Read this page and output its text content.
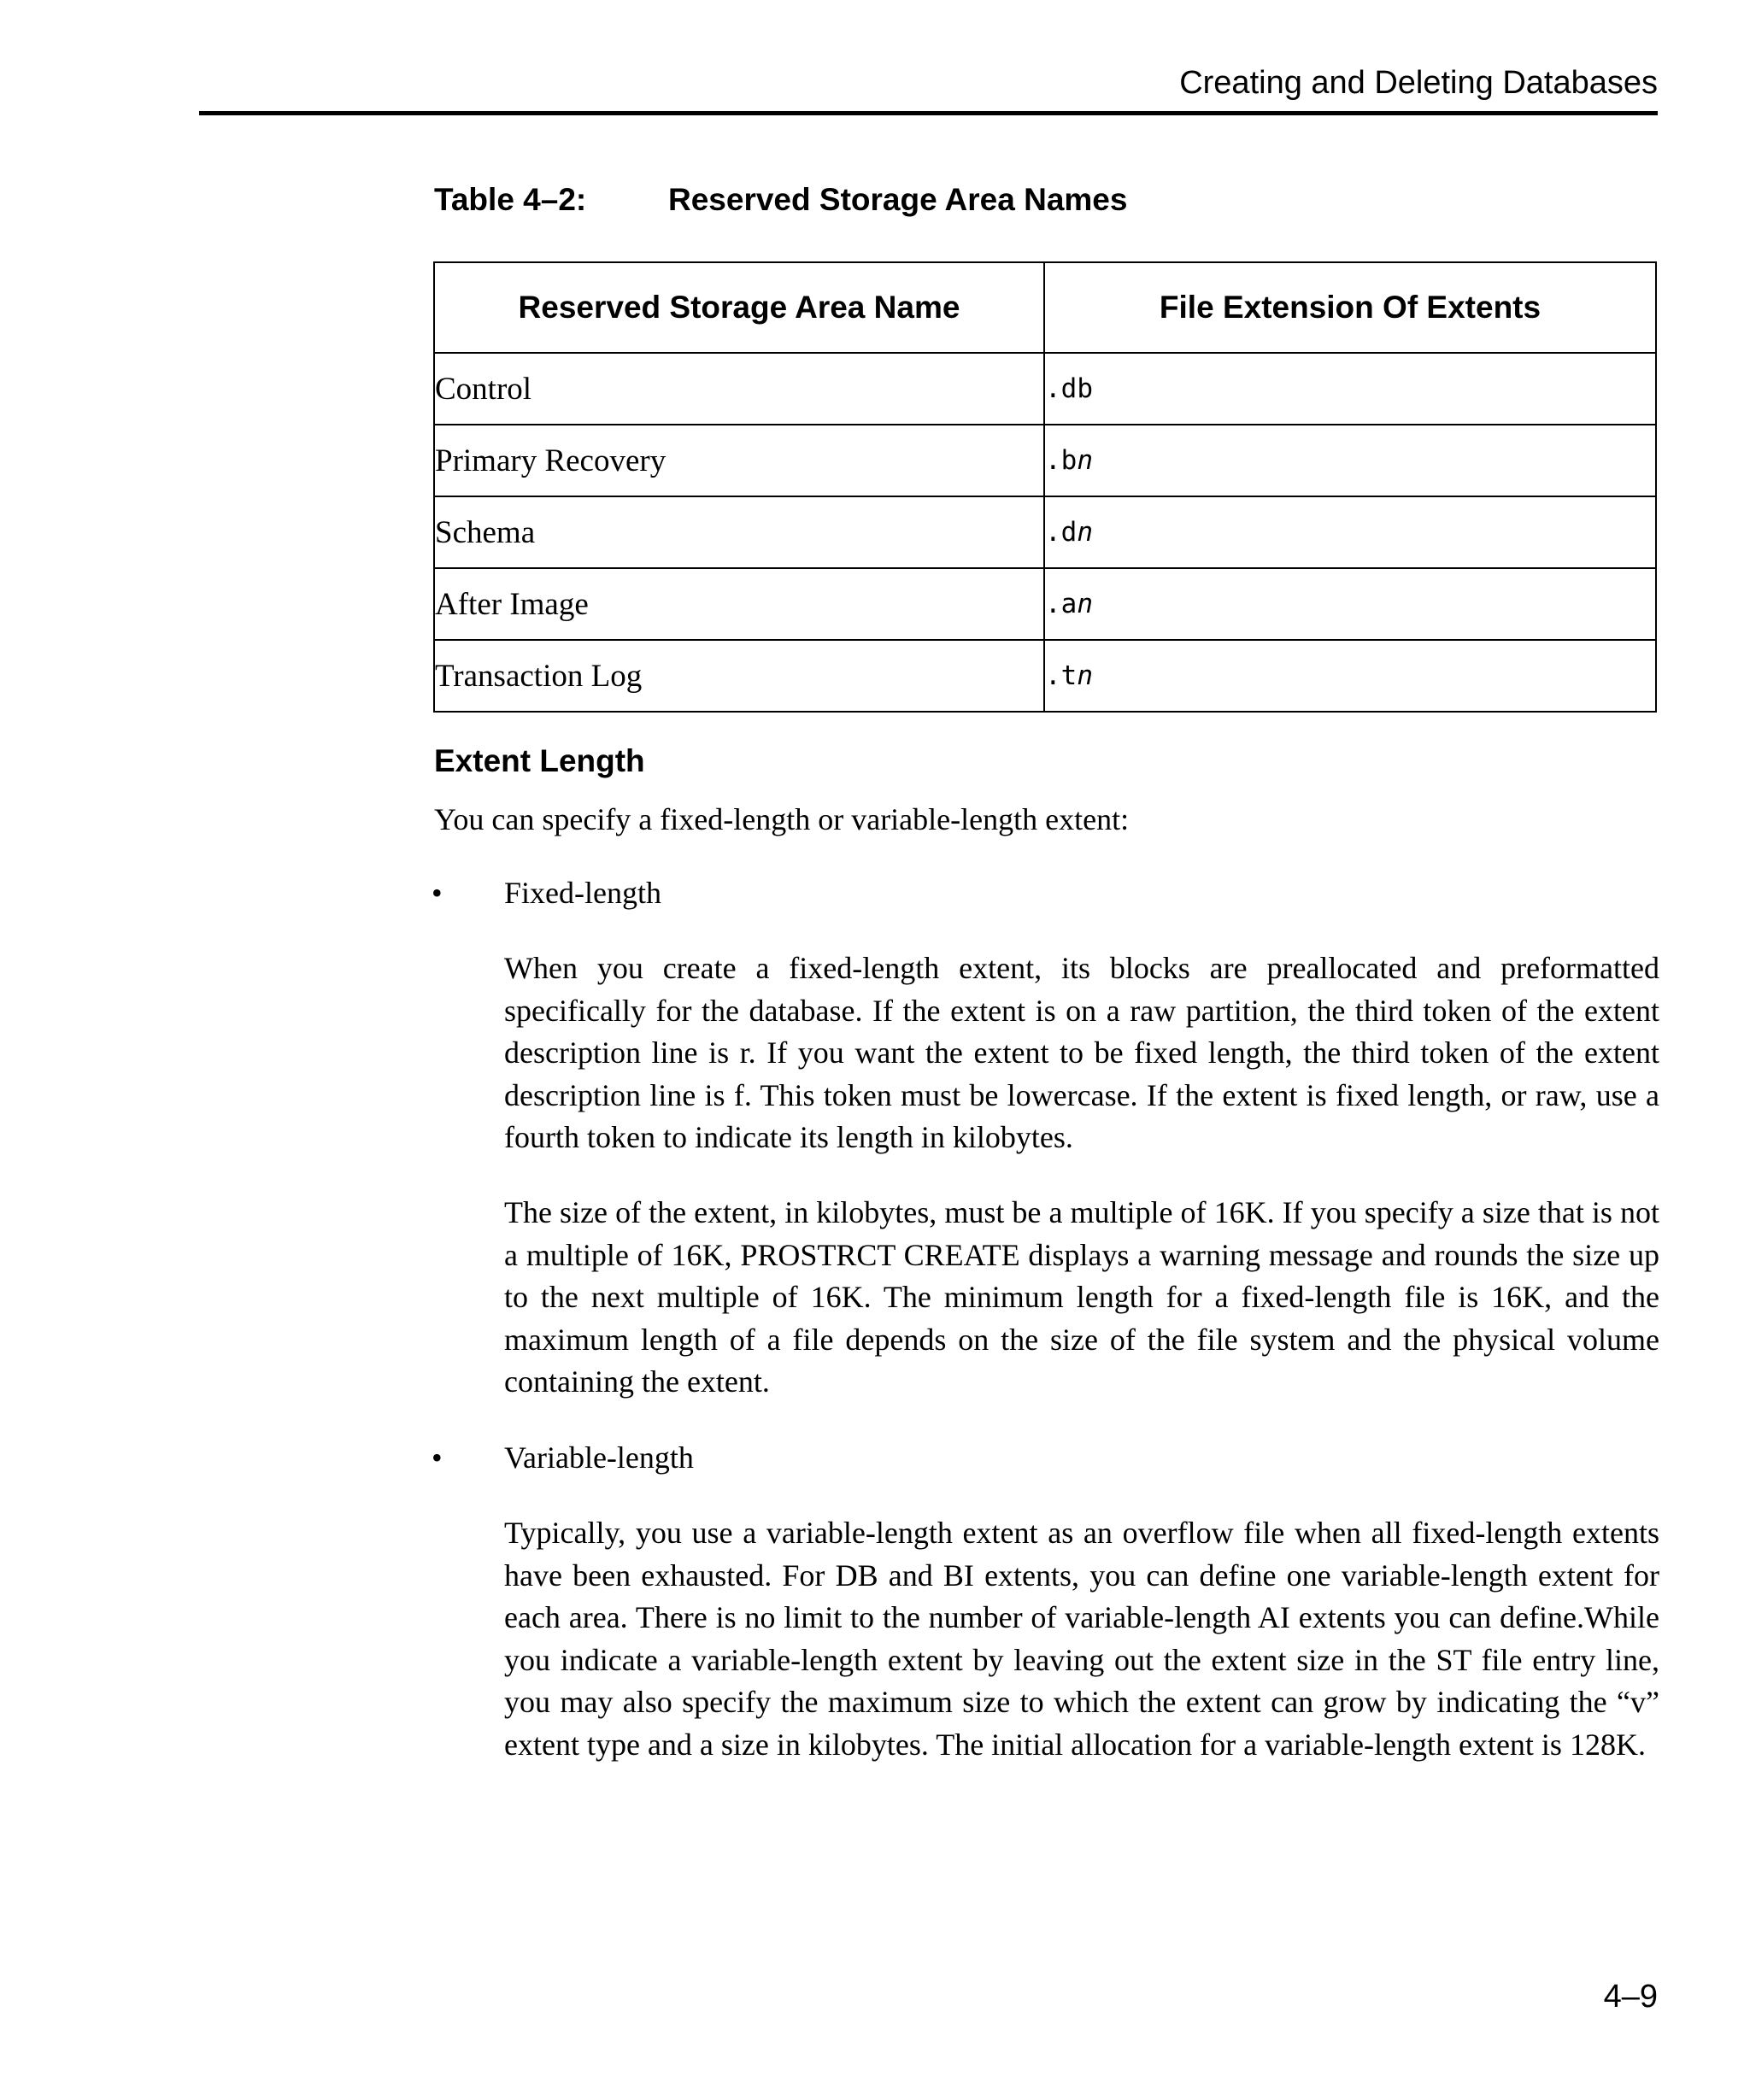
Creating and Deleting Databases
Table 4–2:	Reserved Storage Area Names
Reserved Storage Area Name	File Extension Of Extents
Control	.db
Primary Recovery	.bn
Schema	.dn
After Image	.an
Transaction Log	.tn
Extent Length
You can specify a fixed-length or variable-length extent:
• Fixed-length
When you create a fixed-length extent, its blocks are preallocated and preformatted specifically for the database. If the extent is on a raw partition, the third token of the extent description line is r. If you want the extent to be fixed length, the third token of the extent description line is f. This token must be lowercase. If the extent is fixed length, or raw, use a fourth token to indicate its length in kilobytes.
The size of the extent, in kilobytes, must be a multiple of 16K. If you specify a size that is not a multiple of 16K, PROSTRCT CREATE displays a warning message and rounds the size up to the next multiple of 16K. The minimum length for a fixed-length file is 16K, and the maximum length of a file depends on the size of the file system and the physical volume containing the extent.
• Variable-length
Typically, you use a variable-length extent as an overflow file when all fixed-length extents have been exhausted. For DB and BI extents, you can define one variable-length extent for each area. There is no limit to the number of variable-length AI extents you can define.While you indicate a variable-length extent by leaving out the extent size in the ST file entry line, you may also specify the maximum size to which the extent can grow by indicating the “v” extent type and a size in kilobytes. The initial allocation for a variable-length extent is 128K.
4–9
